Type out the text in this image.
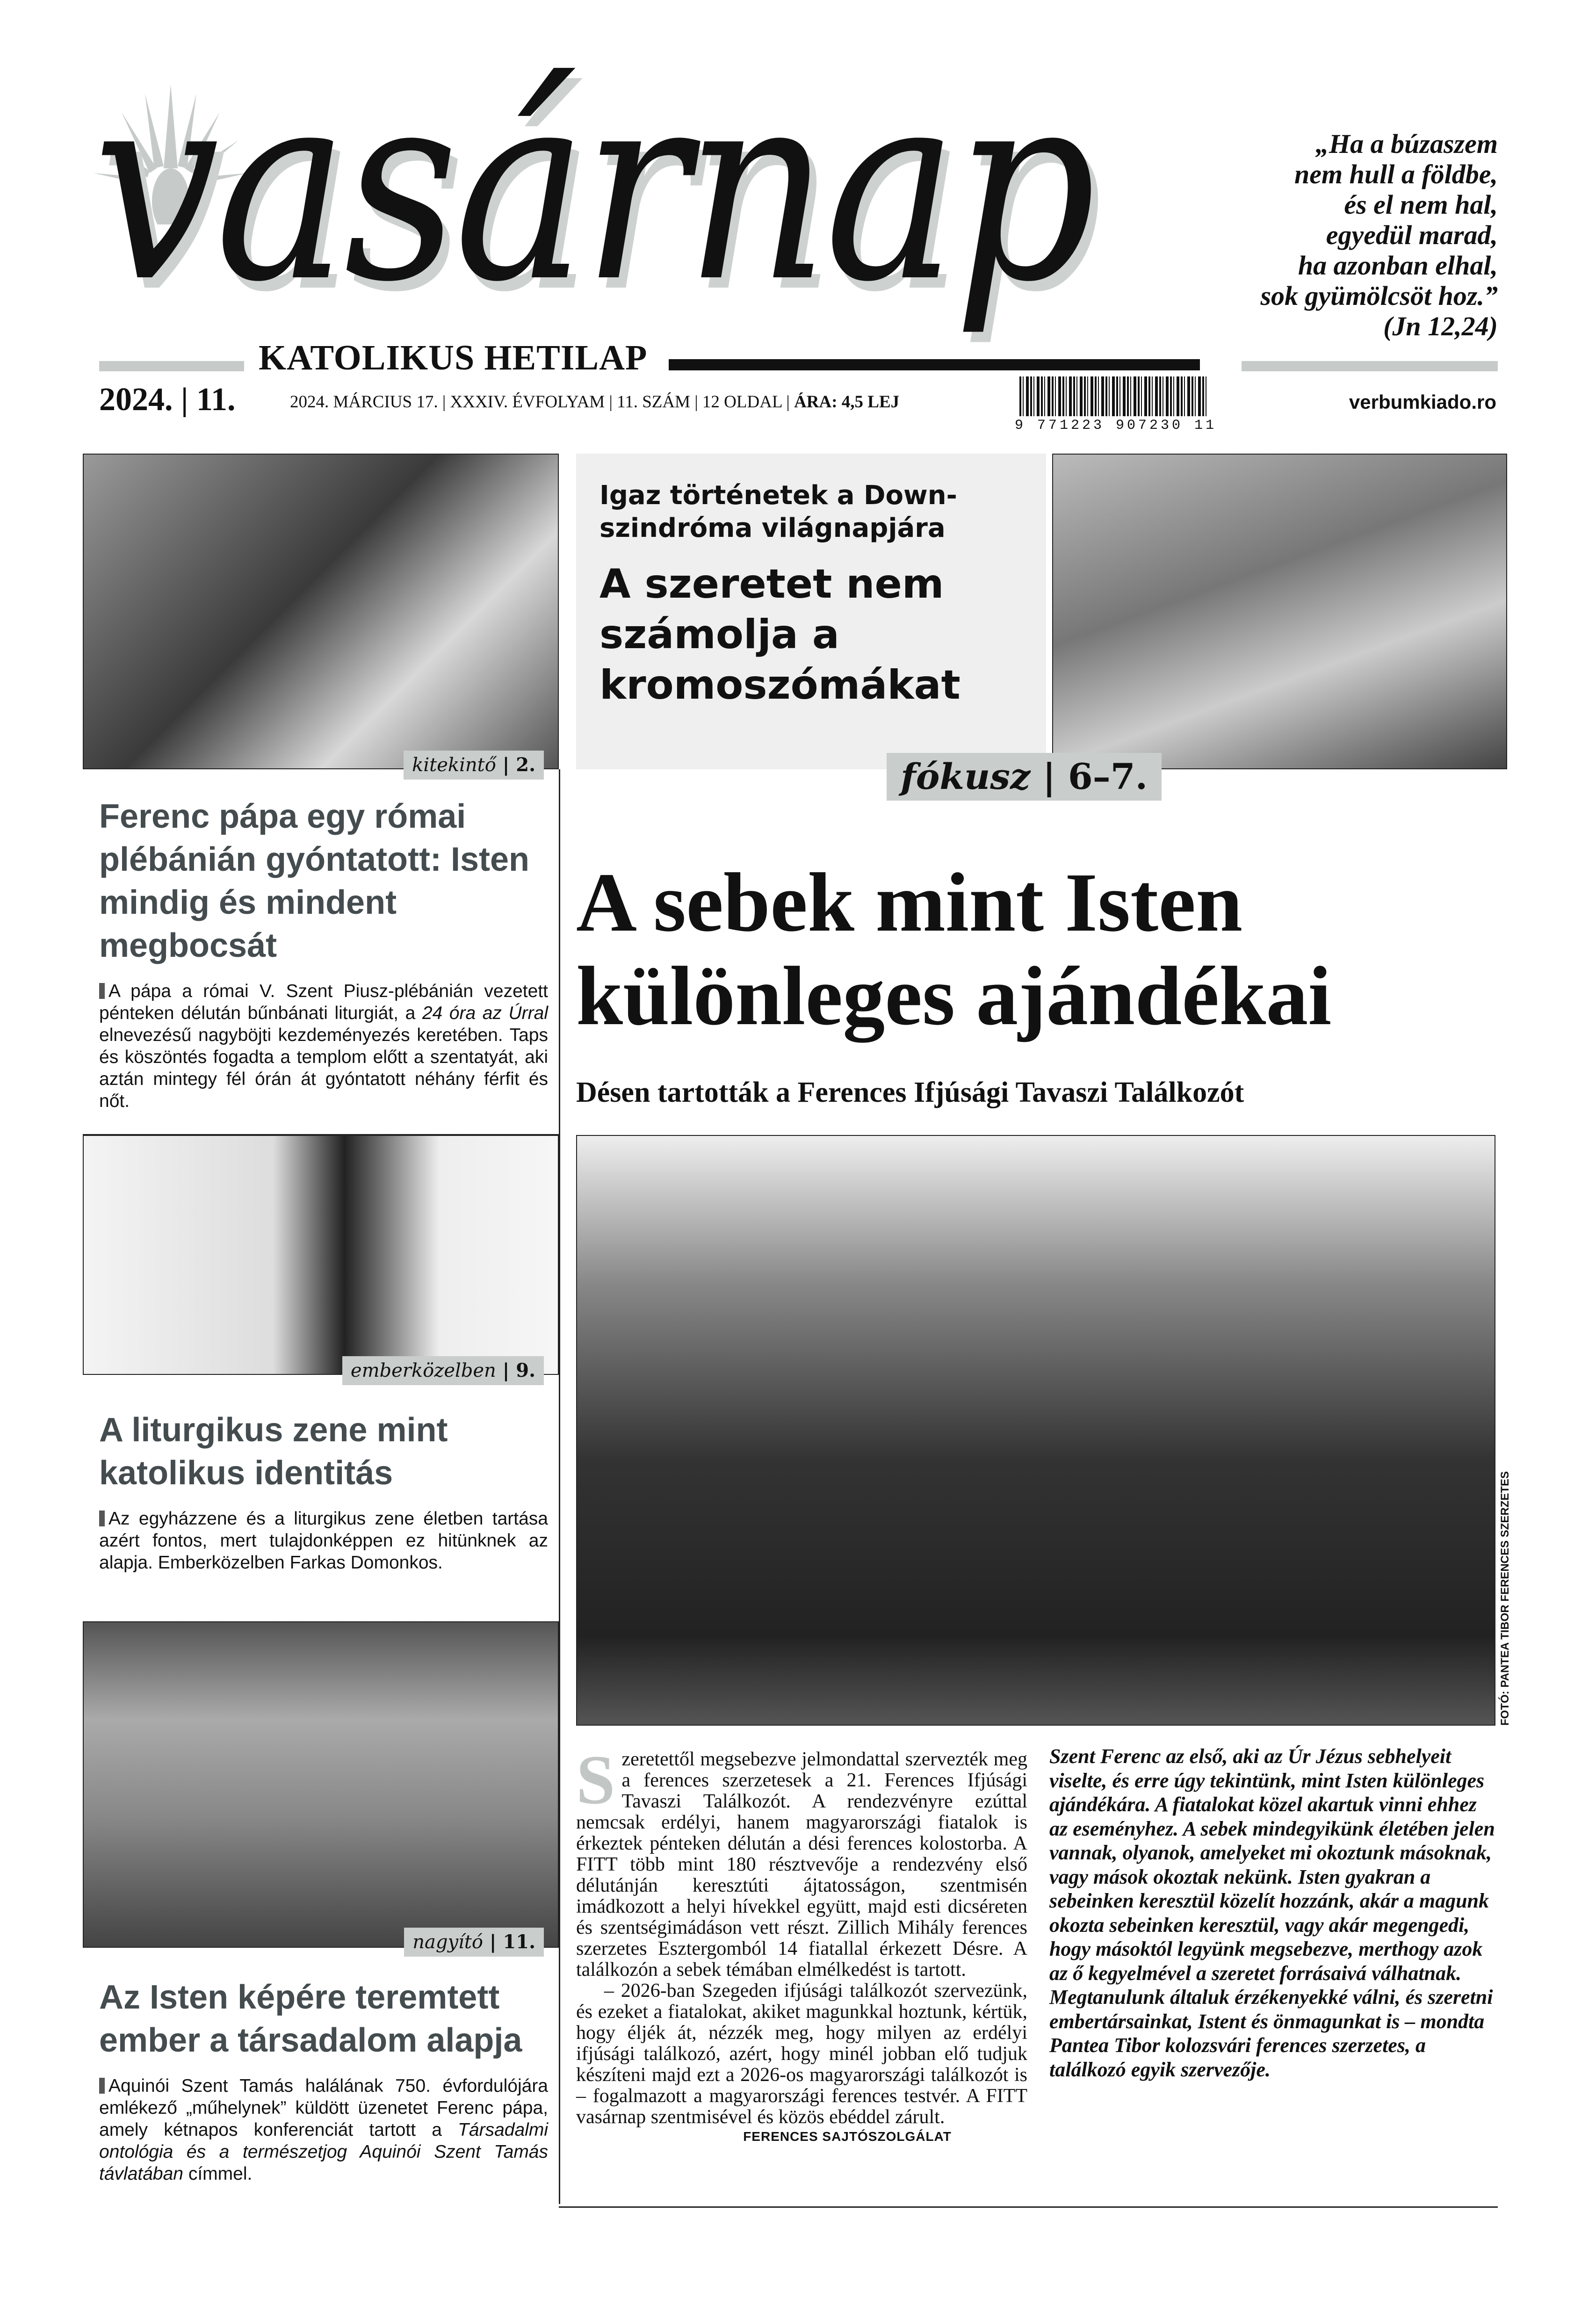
vasárnap	„Ha a búzaszem
nem hull a földbe,
és el nem hal,
egyedül marad,
ha azonban elhal,
sok gyümölcsöt hoz.”
(Jn 12,24)
KATOLIKUS HETILAP
2024. | 11.	2024. MÁRCIUS 17. | XXXIV. ÉVFOLYAM | 11. SZÁM | 12 OLDAL | ÁRA: 4,5 LEJ
9 771223 907230 11
verbumkiado.ro
kitekintő | 2.
Ferenc pápa egy római plébánián gyóntatott: Isten mindig és mindent megbocsát
A pápa a római V. Szent Piusz-plébánián vezetett pénteken délután bűnbánati liturgiát, a 24 óra az Úrral elnevezésű nagyböjti kezdeményezés keretében. Taps és köszöntés fogadta a templom előtt a szentatyát, aki aztán mintegy fél órán át gyóntatott néhány férfit és nőt.
emberközelben | 9.
A liturgikus zene mint katolikus identitás
Az egyházzene és a liturgikus zene életben tartása azért fontos, mert tulajdonképpen ez hitünknek az alapja. Emberközelben Farkas Domonkos.
nagyító | 11.
Az Isten képére teremtett ember a társadalom alapja
Aquinói Szent Tamás halálának 750. évfordulójára emlékező „műhelynek” küldött üzenetet Ferenc pápa, amely kétnapos konferenciát tartott a Társadalmi ontológia és a természetjog Aquinói Szent Tamás távlatában címmel.
Igaz történetek a Down-szindróma világnapjára
A szeretet nem számolja a kromoszómákat
fókusz | 6–7.
A sebek mint Isten
különleges ajándékai
Désen tartották a Ferences Ifjúsági Tavaszi Találkozót
FOTÓ: PANTEA TIBOR FERENCES SZERZETES
Szeretettől megsebezve jelmondattal szervezték meg a ferences szerzetesek a 21. Ferences Ifjúsági Tavaszi Találkozót. A rendezvényre ezúttal nemcsak erdélyi, hanem magyarországi fiatalok is érkeztek pénteken délután a dési ferences kolostorba. A FITT több mint 180 résztvevője a rendezvény első délutánján keresztúti ájtatosságon, szentmisén imádkozott a helyi hívekkel együtt, majd esti dicséreten és szentségimádáson vett részt. Zillich Mihály ferences szerzetes Esztergomból 14 fiatallal érkezett Désre. A találkozón a sebek témában elmélkedést is tartott.
– 2026-ban Szegeden ifjúsági találkozót szervezünk, és ezeket a fiatalokat, akiket magunkkal hoztunk, kértük, hogy éljék át, nézzék meg, hogy milyen az erdélyi ifjúsági találkozó, azért, hogy minél jobban elő tudjuk készíteni majd ezt a 2026-os magyarországi találkozót is – fogalmazott a magyarországi ferences testvér. A FITT vasárnap szentmisével és közös ebéddel zárult.
FERENCES SAJTÓSZOLGÁLAT
Szent Ferenc az első, aki az Úr Jézus sebhelyeit viselte, és erre úgy tekintünk, mint Isten különleges ajándékára. A fiatalokat közel akartuk vinni ehhez az eseményhez. A sebek mindegyikünk életében jelen vannak, olyanok, amelyeket mi okoztunk másoknak, vagy mások okoztak nekünk. Isten gyakran a sebeinken keresztül közelít hozzánk, akár a magunk okozta sebeinken keresztül, vagy akár megengedi, hogy másoktól legyünk megsebezve, merthogy azok az ő kegyelmével a szeretet forrásaivá válhatnak. Megtanulunk általuk érzékenyekké válni, és szeretni embertársainkat, Istent és önmagunkat is – mondta Pantea Tibor kolozsvári ferences szerzetes, a találkozó egyik szervezője.
